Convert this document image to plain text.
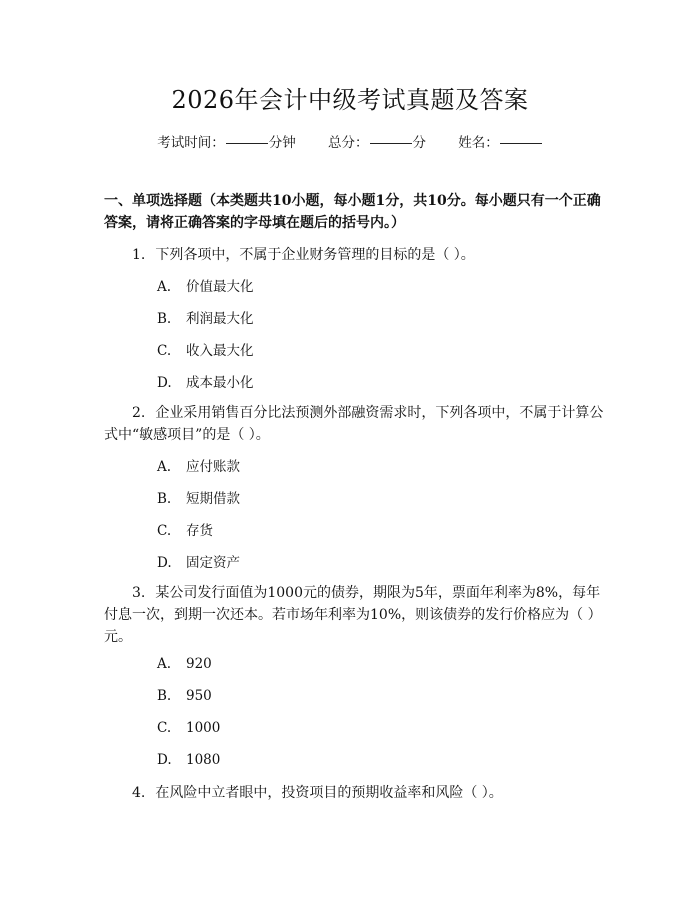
2026年会计中级考试真题及答案
考试时间：	分钟 总分：	分 姓名：
一、单项选择题（本类题共10小题，每小题1分，共10分。每小题只有一个正确答案，请将正确答案的字母填在题后的括号内。）
1. 下列各项中，不属于企业财务管理的目标的是（ ）。
A. 价值最大化
B. 利润最大化
C. 收入最大化
D. 成本最小化
2. 企业采用销售百分比法预测外部融资需求时，下列各项中，不属于计算公式中“敏感项目”的是（ ）。
A. 应付账款
B. 短期借款
C. 存货
D. 固定资产
3. 某公司发行面值为1000元的债券，期限为5年，票面年利率为8%，每年付息一次，到期一次还本。若市场年利率为10%，则该债券的发行价格应为（ ）元。
A. 920
B. 950
C. 1000
D. 1080
4. 在风险中立者眼中，投资项目的预期收益率和风险（ ）。
